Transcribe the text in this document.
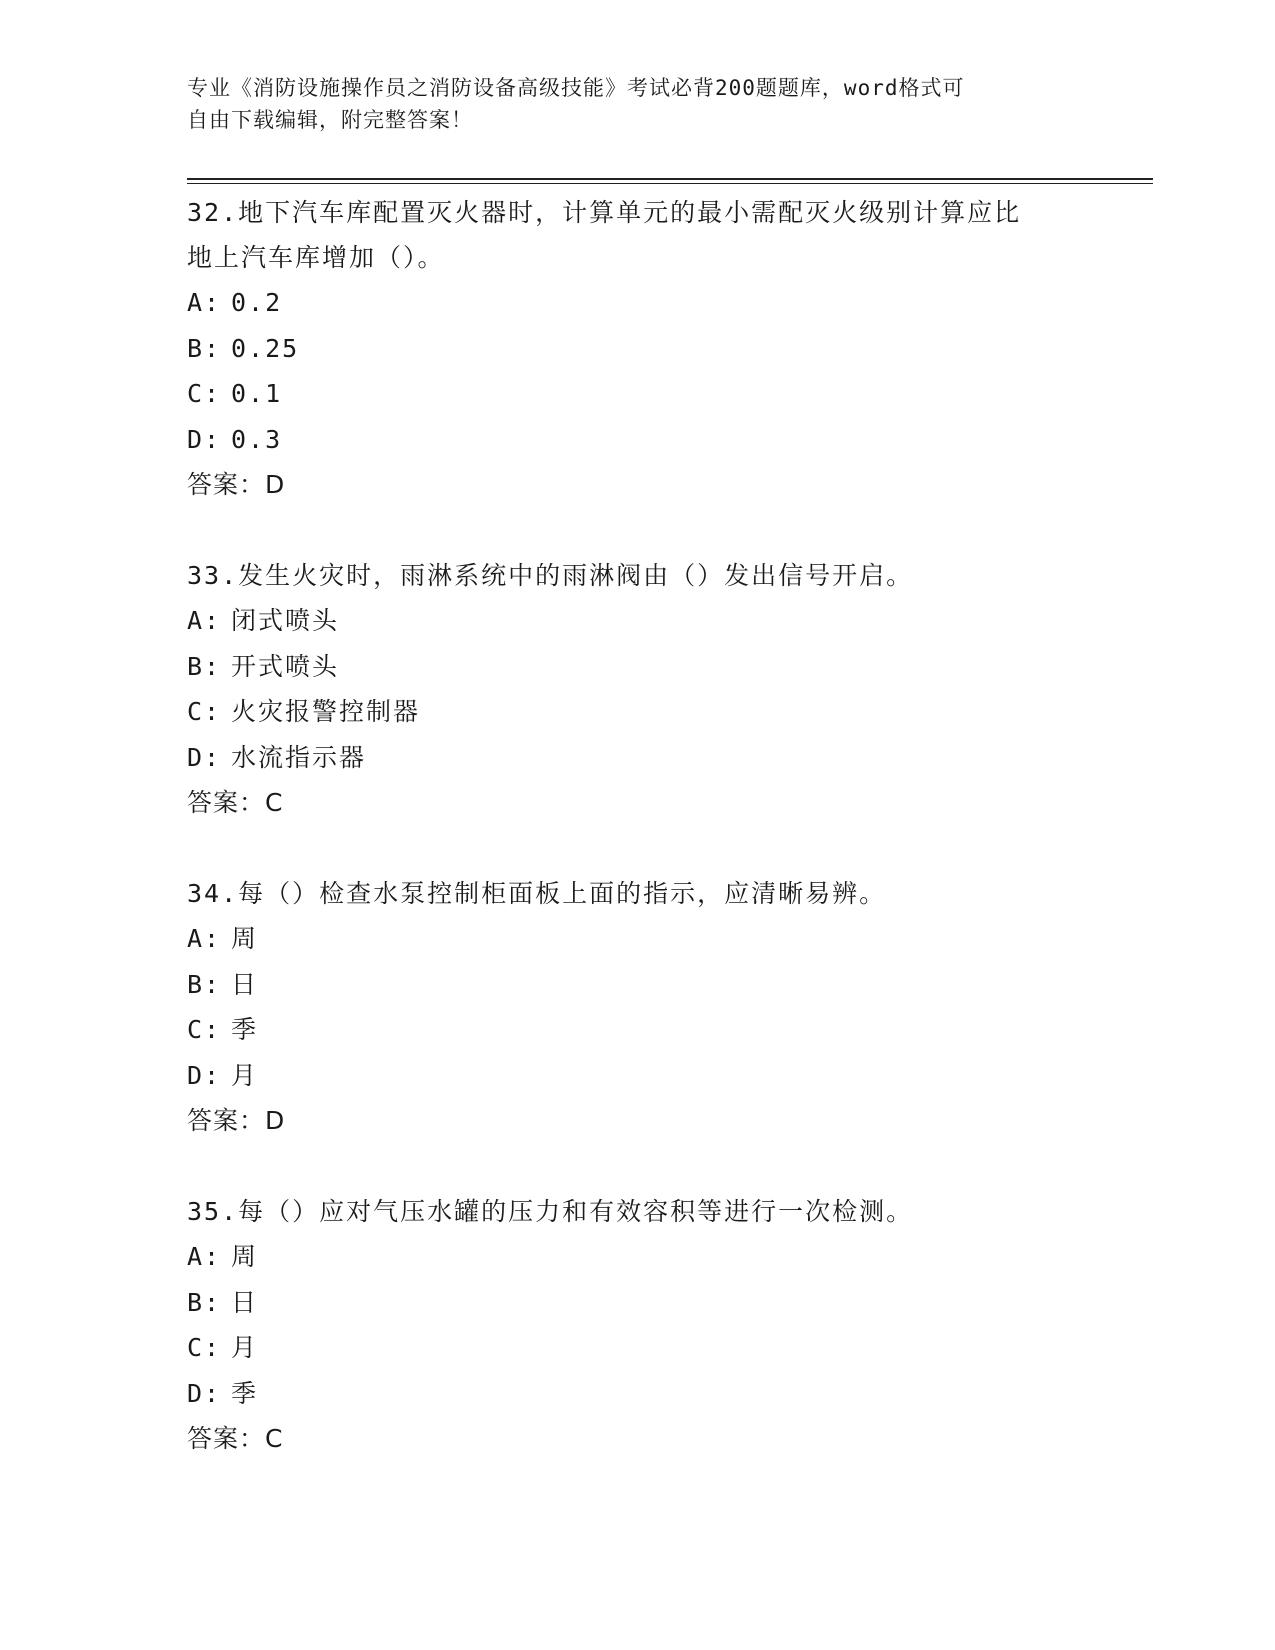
专业《消防设施操作员之消防设备高级技能》考试必背200题题库，word格式可
自由下载编辑，附完整答案！
32.地下汽车库配置灭火器时，计算单元的最小需配灭火级别计算应比
地上汽车库增加（）。
A: 0.2
B: 0.25
C: 0.1
D: 0.3
答案：D
33.发生火灾时，雨淋系统中的雨淋阀由（）发出信号开启。
A: 闭式喷头
B: 开式喷头
C: 火灾报警控制器
D: 水流指示器
答案：C
34.每（）检查水泵控制柜面板上面的指示，应清晰易辨。
A: 周
B: 日
C: 季
D: 月
答案：D
35.每（）应对气压水罐的压力和有效容积等进行一次检测。
A: 周
B: 日
C: 月
D: 季
答案：C
